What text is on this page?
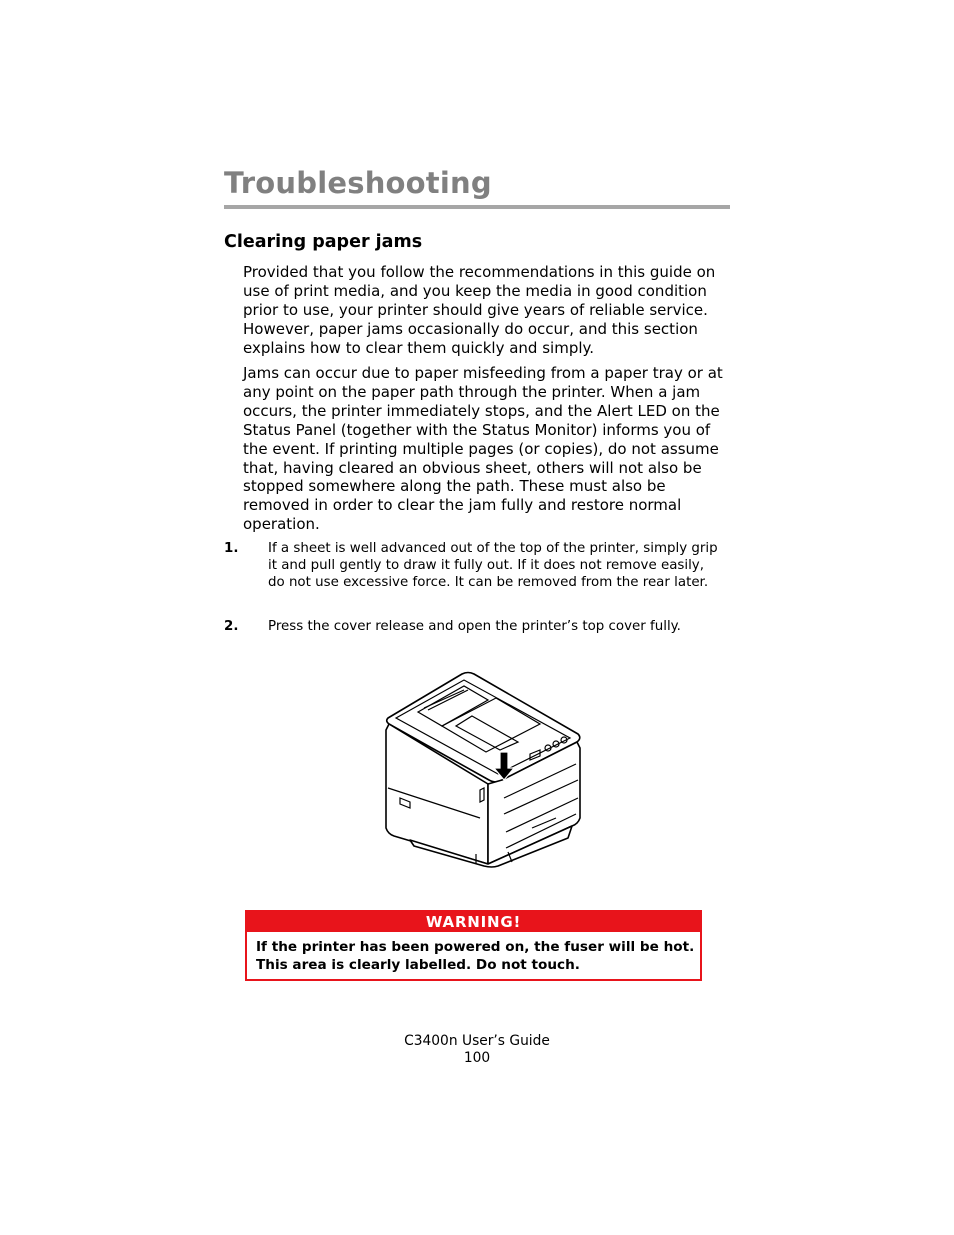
Troubleshooting
Clearing paper jams

Provided that you follow the recommendations in this guide on use of print media, and you keep the media in good condition prior to use, your printer should give years of reliable service. However, paper jams occasionally do occur, and this section explains how to clear them quickly and simply.

Jams can occur due to paper misfeeding from a paper tray or at any point on the paper path through the printer. When a jam occurs, the printer immediately stops, and the Alert LED on the Status Panel (together with the Status Monitor) informs you of the event. If printing multiple pages (or copies), do not assume that, having cleared an obvious sheet, others will not also be stopped somewhere along the path. These must also be removed in order to clear the jam fully and restore normal operation.

1. If a sheet is well advanced out of the top of the printer, simply grip it and pull gently to draw it fully out. If it does not remove easily, do not use excessive force. It can be removed from the rear later.
2. Press the cover release and open the printer’s top cover fully.
WARNING!
If the printer has been powered on, the fuser will be hot.
This area is clearly labelled. Do not touch.
C3400n User’s Guide
100
